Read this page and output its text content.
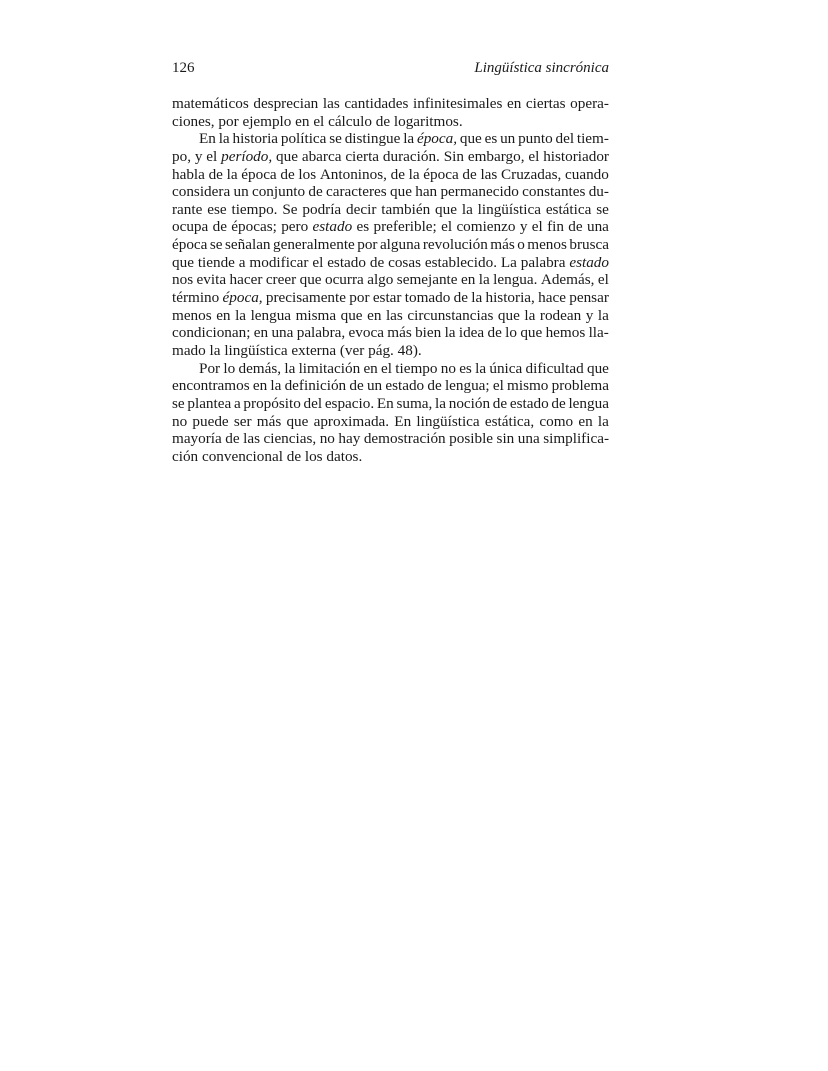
126	Lingüística sincrónica
matemáticos desprecian las cantidades infinitesimales en ciertas opera-
ciones, por ejemplo en el cálculo de logaritmos.
En la historia política se distingue la época, que es un punto del tiem-
po, y el período, que abarca cierta duración. Sin embargo, el historiador
habla de la época de los Antoninos, de la época de las Cruzadas, cuando
considera un conjunto de caracteres que han permanecido constantes du-
rante ese tiempo. Se podría decir también que la lingüística estática se
ocupa de épocas; pero estado es preferible; el comienzo y el fin de una
época se señalan generalmente por alguna revolución más o menos brusca
que tiende a modificar el estado de cosas establecido. La palabra estado
nos evita hacer creer que ocurra algo semejante en la lengua. Además, el
término época, precisamente por estar tomado de la historia, hace pensar
menos en la lengua misma que en las circunstancias que la rodean y la
condicionan; en una palabra, evoca más bien la idea de lo que hemos lla-
mado la lingüística externa (ver pág. 48).
Por lo demás, la limitación en el tiempo no es la única dificultad que
encontramos en la definición de un estado de lengua; el mismo problema
se plantea a propósito del espacio. En suma, la noción de estado de lengua
no puede ser más que aproximada. En lingüística estática, como en la
mayoría de las ciencias, no hay demostración posible sin una simplifica-
ción convencional de los datos.
